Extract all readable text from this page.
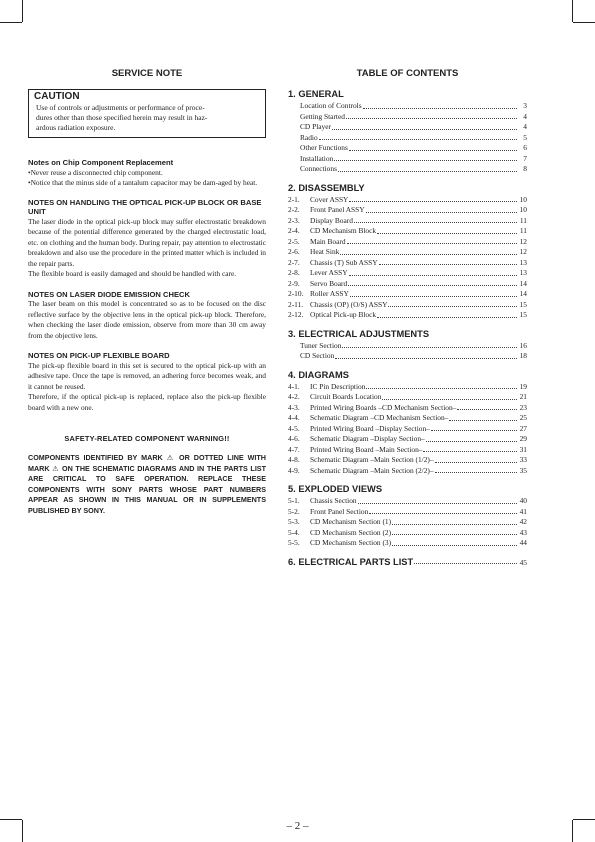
SERVICE NOTE
CAUTION
Use of controls or adjustments or performance of proce-
dures other than those specified herein may result in haz-
ardous radiation exposure.
Notes on Chip Component Replacement
•Never reuse a disconnected chip component.
•Notice that the minus side of a tantalum capacitor may be dam-aged by heat.
NOTES ON HANDLING THE OPTICAL PICK-UP BLOCK OR BASE UNIT
The laser diode in the optical pick-up block may suffer electrostatic breakdown because of the potential difference generated by the charged electrostatic load, etc. on clothing and the human body. During repair, pay attention to electrostatic breakdown and also use the procedure in the printed matter which is included in the repair parts.
The flexible board is easily damaged and should be handled with care.
NOTES ON LASER DIODE EMISSION CHECK
The laser beam on this model is concentrated so as to be focused on the disc reflective surface by the objective lens in the optical pick-up block. Therefore, when checking the laser diode emission, observe from more than 30 cm away from the objective lens.
NOTES ON PICK-UP FLEXIBLE BOARD
The pick-up flexible board in this set is secured to the optical pick-up with an adhesive tape. Once the tape is removed, an adhering force becomes weak, and it cannot be reused.
Therefore, if the optical pick-up is replaced, replace also the pick-up flexible board with a new one.
SAFETY-RELATED COMPONENT WARNING!!
COMPONENTS IDENTIFIED BY MARK ⚠ OR DOTTED LINE WITH MARK ⚠ ON THE SCHEMATIC DIAGRAMS AND IN THE PARTS LIST ARE CRITICAL TO SAFE OPERATION. REPLACE THESE COMPONENTS WITH SONY PARTS WHOSE PART NUMBERS APPEAR AS SHOWN IN THIS MANUAL OR IN SUPPLEMENTS PUBLISHED BY SONY.
TABLE OF CONTENTS
1. GENERAL
Location of Controls	3
Getting Started	4
CD Player	4
Radio	5
Other Functions	6
Installation	7
Connections	8
2. DISASSEMBLY
2-1.	Cover ASSY	10
2-2.	Front Panel ASSY	10
2-3.	Display Board	11
2-4.	CD Mechanism Block	11
2-5.	Main Board	12
2-6.	Heat Sink	12
2-7.	Chassis (T) Sub ASSY	13
2-8.	Lever ASSY	13
2-9.	Servo Board	14
2-10. Roller ASSY	14
2-11. Chassis (OP) (O/S) ASSY	15
2-12. Optical Pick-up Block	15
3. ELECTRICAL ADJUSTMENTS
Tuner Section	16
CD Section	18
4. DIAGRAMS
4-1.	IC Pin Description	19
4-2.	Circuit Boards Location	21
4-3.	Printed Wiring Boards –CD Mechanism Section–	23
4-4.	Schematic Diagram –CD Mechanism Section–	25
4-5.	Printed Wiring Board –Display Section–	27
4-6.	Schematic Diagram –Display Section–	29
4-7.	Printed Wiring Board –Main Section–	31
4-8.	Schematic Diagram –Main Section (1/2)–	33
4-9.	Schematic Diagram –Main Section (2/2)–	35
5. EXPLODED VIEWS
5-1.	Chassis Section	40
5-2.	Front Panel Section	41
5-3.	CD Mechanism Section (1)	42
5-4.	CD Mechanism Section (2)	43
5-5.	CD Mechanism Section (3)	44
6. ELECTRICAL PARTS LIST	45
– 2 –
